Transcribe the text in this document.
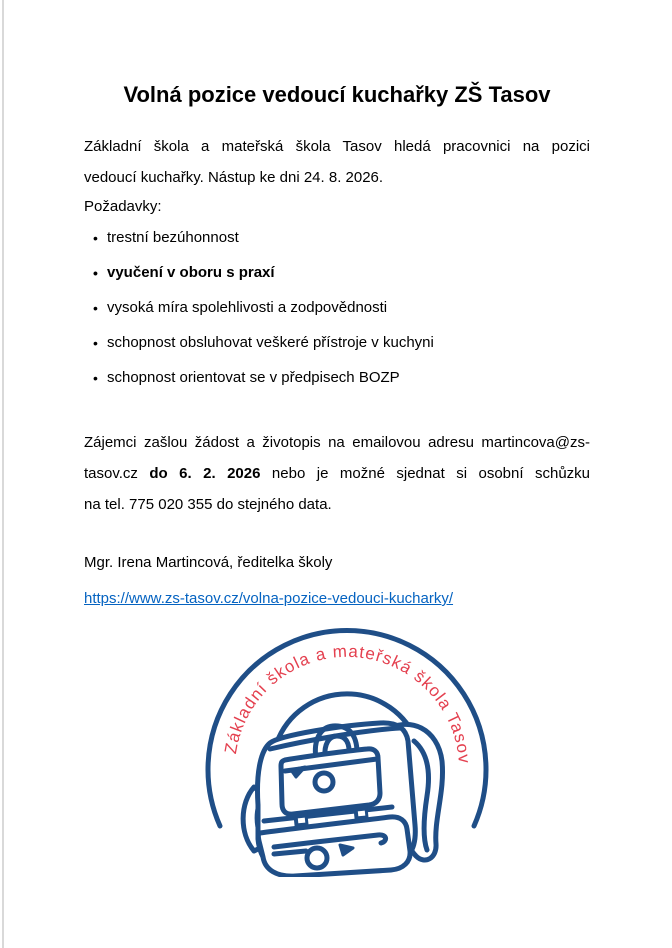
Volná pozice vedoucí kuchařky ZŠ Tasov

Základní škola a mateřská škola Tasov hledá pracovnici na pozici
vedoucí kuchařky. Nástup ke dni 24. 8. 2026.

Požadavky:

• trestní bezúhonnost
• vyučení v oboru s praxí
• vysoká míra spolehlivosti a zodpovědnosti
• schopnost obsluhovat veškeré přístroje v kuchyni
• schopnost orientovat se v předpisech BOZP

Zájemci zašlou žádost a životopis na emailovou adresu martincova@zs-
tasov.cz do 6. 2. 2026 nebo je možné sjednat si osobní schůzku
na tel. 775 020 355 do stejného data.

Mgr. Irena Martincová, ředitelka školy

https://www.zs-tasov.cz/volna-pozice-vedouci-kucharky/

Základní škola a mateřská škola Tasov
